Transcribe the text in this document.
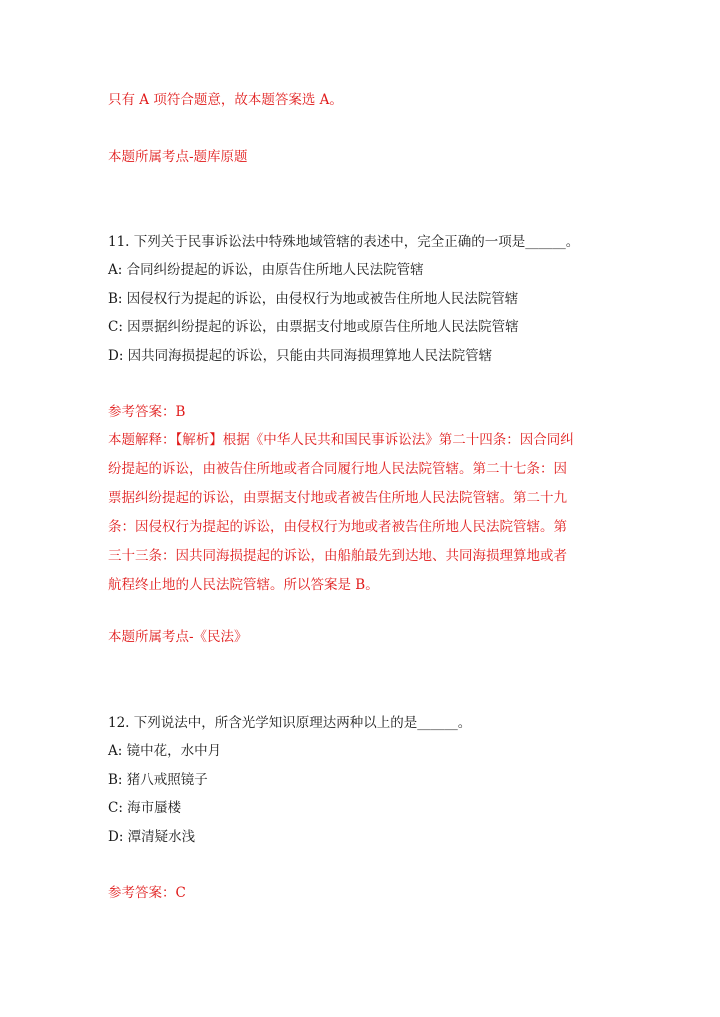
只有 A 项符合题意，故本题答案选 A。
本题所属考点-题库原题
11. 下列关于民事诉讼法中特殊地域管辖的表述中，完全正确的一项是______。
A: 合同纠纷提起的诉讼，由原告住所地人民法院管辖
B: 因侵权行为提起的诉讼，由侵权行为地或被告住所地人民法院管辖
C: 因票据纠纷提起的诉讼，由票据支付地或原告住所地人民法院管辖
D: 因共同海损提起的诉讼，只能由共同海损理算地人民法院管辖
参考答案：B
本题解释：【解析】根据《中华人民共和国民事诉讼法》第二十四条：因合同纠
纷提起的诉讼，由被告住所地或者合同履行地人民法院管辖。第二十七条：因
票据纠纷提起的诉讼，由票据支付地或者被告住所地人民法院管辖。第二十九
条：因侵权行为提起的诉讼，由侵权行为地或者被告住所地人民法院管辖。第
三十三条：因共同海损提起的诉讼，由船舶最先到达地、共同海损理算地或者
航程终止地的人民法院管辖。所以答案是 B。
本题所属考点-《民法》
12. 下列说法中，所含光学知识原理达两种以上的是______。
A: 镜中花，水中月
B: 猪八戒照镜子
C: 海市蜃楼
D: 潭清疑水浅
参考答案：C
